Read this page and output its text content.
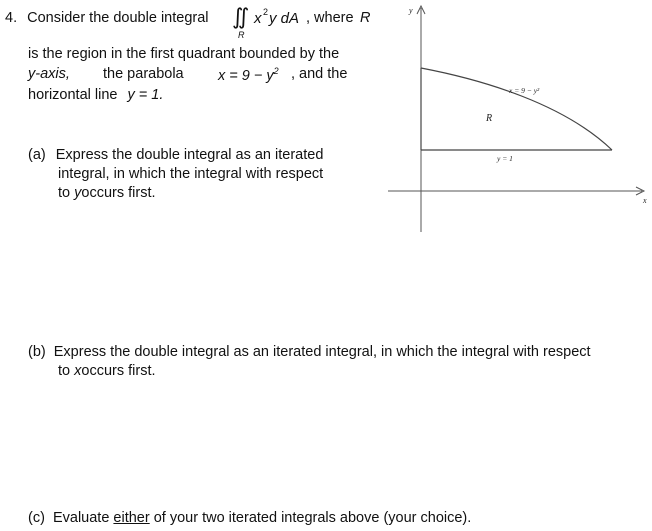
4. Consider the double integral ∬
R
x 2 y dA , where R
is the region in the first quadrant bounded by the
y-axis, the parabola $x = 9 - y^2$ , and the
horizontal line y = 1.
(a) Express the double integral as an iterated
integral, in which the integral with respect
to yoccurs first.
y
x
R
x = 9 − y²
y = 1
(b) Express the double integral as an iterated integral, in which the integral with respect
to xoccurs first.
(c) Evaluate either of your two iterated integrals above (your choice).
